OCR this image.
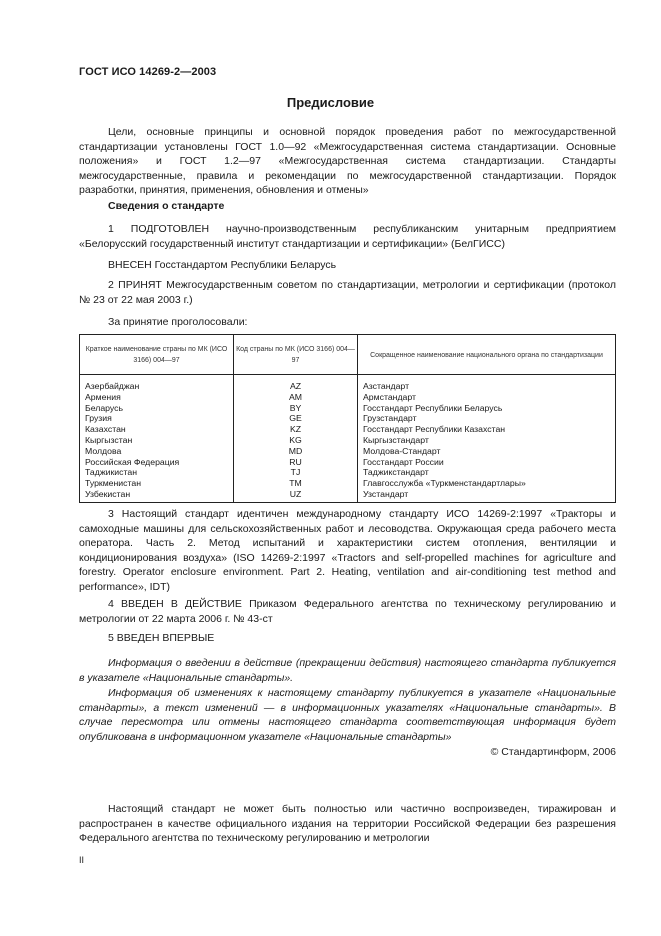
ГОСТ ИСО 14269-2—2003
Предисловие
Цели, основные принципы и основной порядок проведения работ по межгосударственной стандартизации установлены ГОСТ 1.0—92 «Межгосударственная система стандартизации. Основные положения» и ГОСТ 1.2—97 «Межгосударственная система стандартизации. Стандарты межгосударственные, правила и рекомендации по межгосударственной стандартизации. Порядок разработки, принятия, применения, обновления и отмены»
Сведения о стандарте
1 ПОДГОТОВЛЕН научно-производственным республиканским унитарным предприятием «Белорусский государственный институт стандартизации и сертификации» (БелГИСС)
ВНЕСЕН Госстандартом Республики Беларусь
2 ПРИНЯТ Межгосударственным советом по стандартизации, метрологии и сертификации (протокол № 23 от 22 мая 2003 г.)
За принятие проголосовали:
Краткое наименование страны по МК (ИСО 3166) 004—97	Код страны по МК (ИСО 3166) 004—97	Сокращенное наименование национального органа по стандартизации
Азербайджан	AZ	Азстандарт
Армения	AM	Армстандарт
Беларусь	BY	Госстандарт Республики Беларусь
Грузия	GE	Грузстандарт
Казахстан	KZ	Госстандарт Республики Казахстан
Кыргызстан	KG	Кыргызстандарт
Молдова	MD	Молдова-Стандарт
Российская Федерация	RU	Госстандарт России
Таджикистан	TJ	Таджикстандарт
Туркменистан	TM	Главгосслужба «Туркменстандартлары»
Узбекистан	UZ	Узстандарт
3 Настоящий стандарт идентичен международному стандарту ИСО 14269-2:1997 «Тракторы и самоходные машины для сельскохозяйственных работ и лесоводства. Окружающая среда рабочего места оператора. Часть 2. Метод испытаний и характеристики систем отопления, вентиляции и кондиционирования воздуха» (ISO 14269-2:1997 «Tractors and self-propelled machines for agriculture and forestry. Operator enclosure environment. Part 2. Heating, ventilation and air-conditioning test method and performance», IDT)
4 ВВЕДЕН В ДЕЙСТВИЕ Приказом Федерального агентства по техническому регулированию и метрологии от 22 марта 2006 г. № 43-ст
5 ВВЕДЕН ВПЕРВЫЕ
Информация о введении в действие (прекращении действия) настоящего стандарта публикуется в указателе «Национальные стандарты».
Информация об изменениях к настоящему стандарту публикуется в указателе «Национальные стандарты», а текст изменений — в информационных указателях «Национальные стандарты». В случае пересмотра или отмены настоящего стандарта соответствующая информация будет опубликована в информационном указателе «Национальные стандарты»
© Стандартинформ, 2006
Настоящий стандарт не может быть полностью или частично воспроизведен, тиражирован и распространен в качестве официального издания на территории Российской Федерации без разрешения Федерального агентства по техническому регулированию и метрологии
II
